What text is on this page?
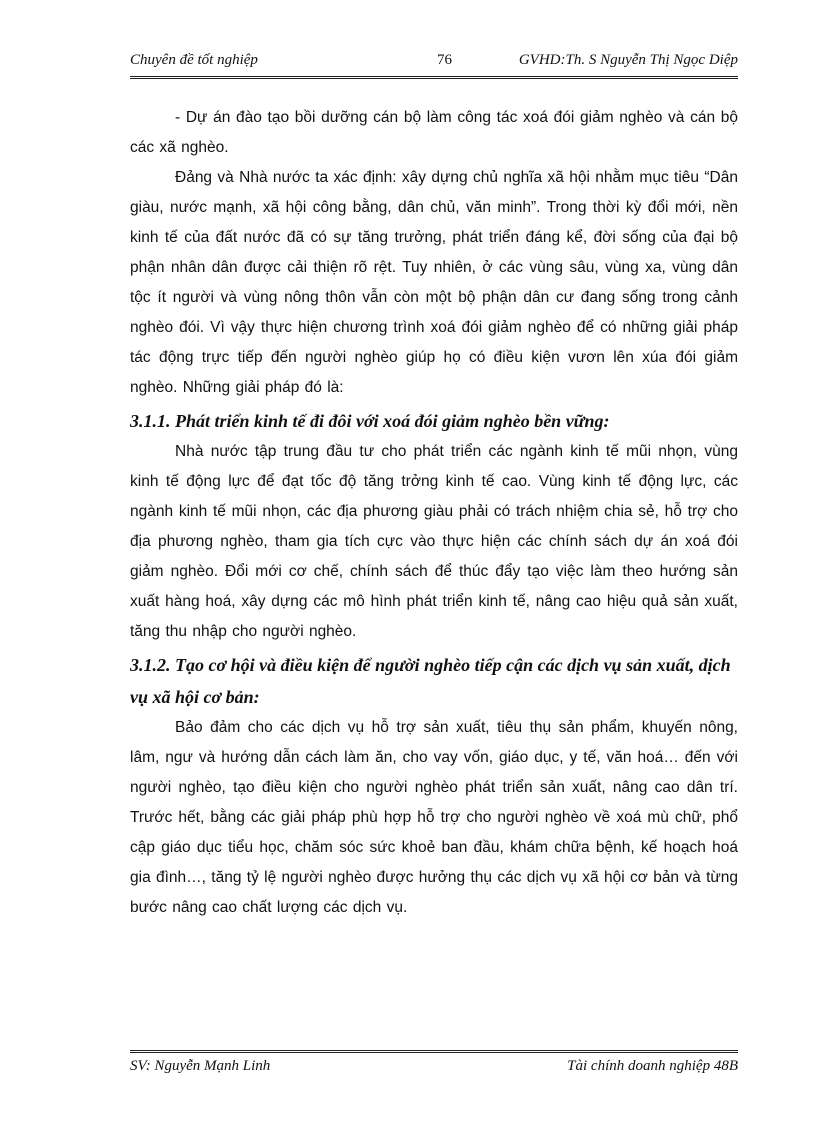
Chuyên đề tốt nghiệp	76	GVHD:Th. S Nguyễn Thị Ngọc Diệp

- Dự án đào tạo bồi dưỡng cán bộ làm công tác xoá đói giảm nghèo và cán bộ các xã nghèo.

Đảng và Nhà nước ta xác định: xây dựng chủ nghĩa xã hội nhằm mục tiêu “Dân giàu, nước mạnh, xã hội công bằng, dân chủ, văn minh”. Trong thời kỳ đổi mới, nền kinh tế của đất nước đã có sự tăng trưởng, phát triển đáng kể, đời sống của đại bộ phận nhân dân được cải thiện rõ rệt. Tuy nhiên, ở các vùng sâu, vùng xa, vùng dân tộc ít người và vùng nông thôn vẫn còn một bộ phận dân cư đang sống trong cảnh nghèo đói. Vì vậy thực hiện chương trình xoá đói giảm nghèo để có những giải pháp tác động trực tiếp đến người nghèo giúp họ có điều kiện vươn lên xúa đói giảm nghèo. Những giải pháp đó là:

3.1.1. Phát triển kinh tế đi đôi với xoá đói giảm nghèo bền vững:

Nhà nước tập trung đầu tư cho phát triển các ngành kinh tế mũi nhọn, vùng kinh tế động lực để đạt tốc độ tăng trởng kinh tế cao. Vùng kinh tế động lực, các ngành kinh tế mũi nhọn, các địa phương giàu phải có trách nhiệm chia sẻ, hỗ trợ cho địa phương nghèo, tham gia tích cực vào thực hiện các chính sách dự án xoá đói giảm nghèo. Đổi mới cơ chế, chính sách để thúc đẩy tạo việc làm theo hướng sản xuất hàng hoá, xây dựng các mô hình phát triển kinh tế, nâng cao hiệu quả sản xuất, tăng thu nhập cho người nghèo.

3.1.2. Tạo cơ hội và điều kiện để người nghèo tiếp cận các dịch vụ sản xuất, dịch vụ xã hội cơ bản:

Bảo đảm cho các dịch vụ hỗ trợ sản xuất, tiêu thụ sản phẩm, khuyến nông, lâm, ngư và hướng dẫn cách làm ăn, cho vay vốn, giáo dục, y tế, văn hoá… đến với người nghèo, tạo điều kiện cho người nghèo phát triển sản xuất, nâng cao dân trí. Trước hết, bằng các giải pháp phù hợp hỗ trợ cho người nghèo về xoá mù chữ, phổ cập giáo dục tiểu học, chăm sóc sức khoẻ ban đầu, khám chữa bệnh, kế hoạch hoá gia đình…, tăng tỷ lệ người nghèo được hưởng thụ các dịch vụ xã hội cơ bản và từng bước nâng cao chất lượng các dịch vụ.

SV: Nguyễn Mạnh Linh	Tài chính doanh nghiệp 48B
